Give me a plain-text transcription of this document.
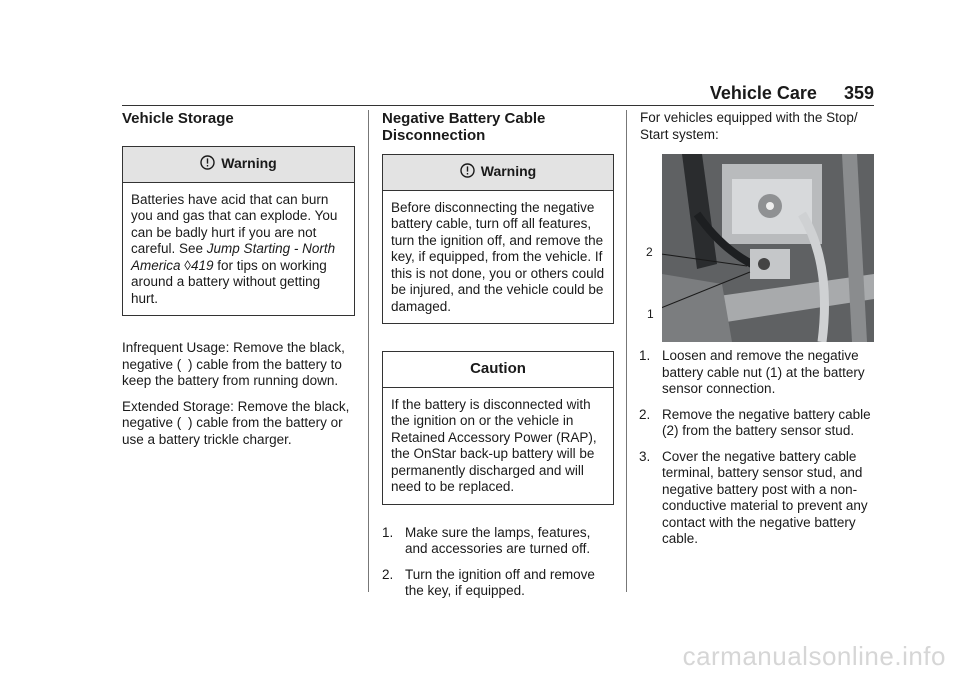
Vehicle Care 359
Vehicle Storage
Warning
Batteries have acid that can burn you and gas that can explode. You can be badly hurt if you are not careful. See Jump Starting - North America ◊419 for tips on working around a battery without getting hurt.

Infrequent Usage: Remove the black, negative ( ) cable from the battery to keep the battery from running down.

Extended Storage: Remove the black, negative ( ) cable from the battery or use a battery trickle charger.

Negative Battery Cable Disconnection
Warning
Before disconnecting the negative battery cable, turn off all features, turn the ignition off, and remove the key, if equipped, from the vehicle. If this is not done, you or others could be injured, and the vehicle could be damaged.
Caution
If the battery is disconnected with the ignition on or the vehicle in Retained Accessory Power (RAP), the OnStar back-up battery will be permanently discharged and will need to be replaced.
1. Make sure the lamps, features, and accessories are turned off.
2. Turn the ignition off and remove the key, if equipped.

For vehicles equipped with the Stop/ Start system:

2
1
1. Loosen and remove the negative battery cable nut (1) at the battery sensor connection.
2. Remove the negative battery cable (2) from the battery sensor stud.
3. Cover the negative battery cable terminal, battery sensor stud, and negative battery post with a non-conductive material to prevent any contact with the negative battery cable.
carmanualsonline.info
